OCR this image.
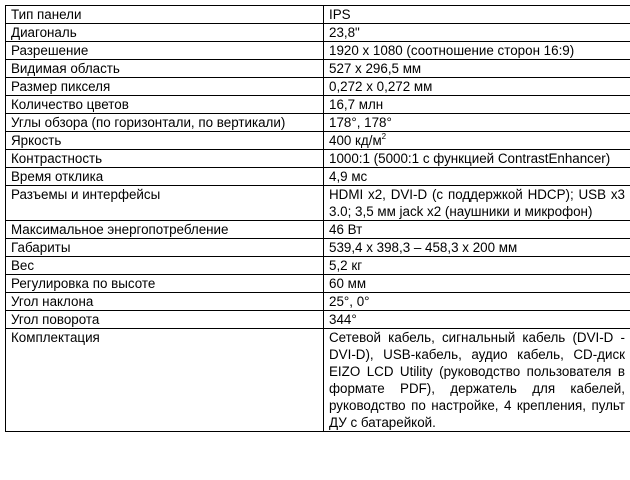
Тип панели	IPS
Диагональ	23,8"
Разрешение	1920 x 1080 (соотношение сторон 16:9)
Видимая область	527 x 296,5 мм
Размер пикселя	0,272 x 0,272 мм
Количество цветов	16,7 млн
Углы обзора (по горизонтали, по вертикали)	178°, 178°
Яркость	400 $кд/м^2$
Контрастность	1000:1 (5000:1 с функцией ContrastEnhancer)
Время отклика	4,9 мс
Разъемы и интерфейсы	HDMI x2, DVI-D (с поддержкой HDCP); USB x3 3.0; 3,5 мм jack x2 (наушники и микрофон)
Максимальное энергопотребление	46 Вт
Габариты	539,4 x 398,3 – 458,3 x 200 мм
Вес	5,2 кг
Регулировка по высоте	60 мм
Угол наклона	25°, 0°
Угол поворота	344°
Комплектация	Сетевой кабель, сигнальный кабель (DVI-D - DVI-D), USB-кабель, аудио кабель, CD-диск EIZO LCD Utility (руководство пользователя в формате PDF), держатель для кабелей, руководство по настройке, 4 крепления, пульт ДУ с батарейкой.
